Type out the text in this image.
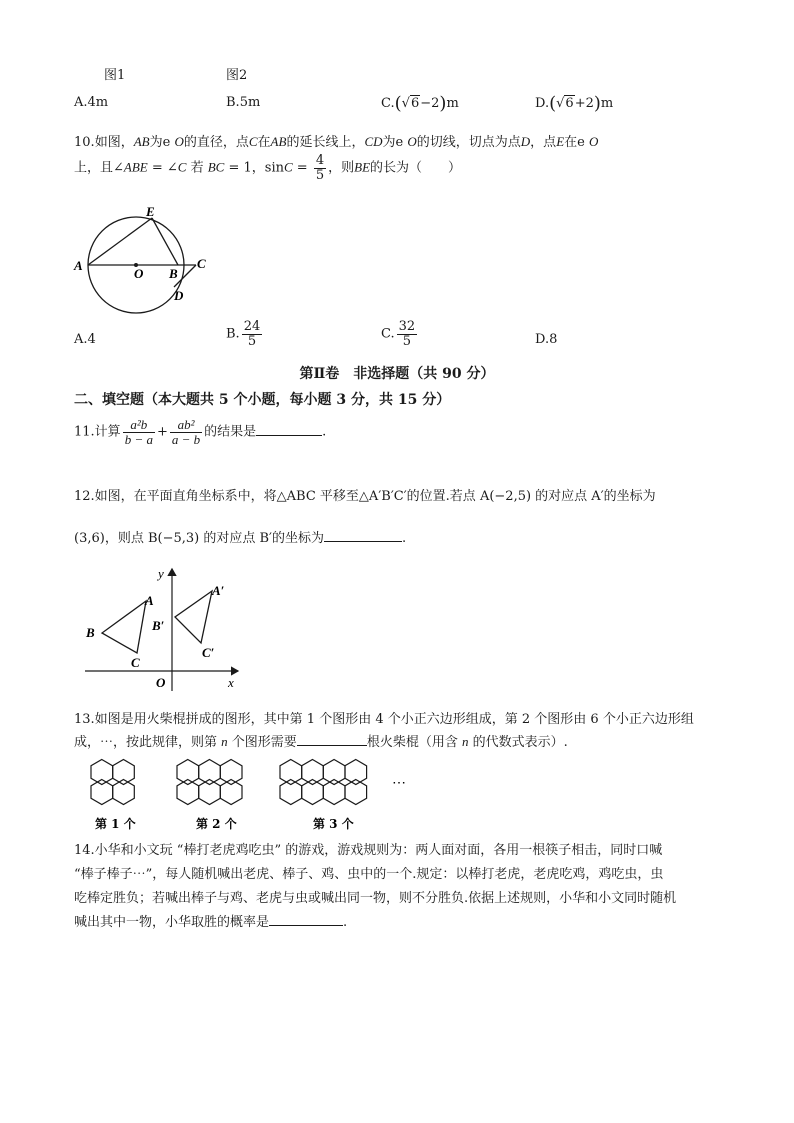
图1	图2
A.4m	B.5m	C.(√6−2)m	D.(√6+2)m
10.如图，AB为e O的直径，点C在AB的延长线上，CD为e O的切线，切点为点D，点E在e O
上，且∠ABE = ∠C 若 BC = 1，$\sin C = \frac{4}{5}$ ，则BE的长为（　　）
E
A
O B
C
D
A.4	B. $\frac{24}{5}$	C. $\frac{32}{5}$	D.8
第Ⅱ卷　非选择题（共 90 分）
二、填空题（本大题共 5 个小题，每小题 3 分，共 15 分）
11.计算 $\frac{\text{a²b}}{b - a} + \frac{\text{ab²}}{a - b}$ 的结果是	.
12.如图，在平面直角坐标系中，将△ABC 平移至△A′B′C′的位置.若点 A(−2,5) 的对应点 A′的坐标为
(3,6)，则点 B(−5,3) 的对应点 B′的坐标为	.
y
x
O
A
B
C
A′
B′
C′
13.如图是用火柴棍拼成的图形，其中第 1 个图形由 4 个小正六边形组成，第 2 个图形由 6 个小正六边形组
成，⋯，按此规律，则第 n 个图形需要	根火柴棍（用含 n 的代数式表示）.
⋯
第 1 个	第 2 个	第 3 个
14.小华和小文玩 “棒打老虎鸡吃虫” 的游戏，游戏规则为：两人面对面，各用一根筷子相击，同时口喊
“棒子棒子⋯”，每人随机喊出老虎、棒子、鸡、虫中的一个.规定：以棒打老虎，老虎吃鸡，鸡吃虫，虫
吃棒定胜负；若喊出棒子与鸡、老虎与虫或喊出同一物，则不分胜负.依据上述规则，小华和小文同时随机
喊出其中一物，小华取胜的概率是	.
